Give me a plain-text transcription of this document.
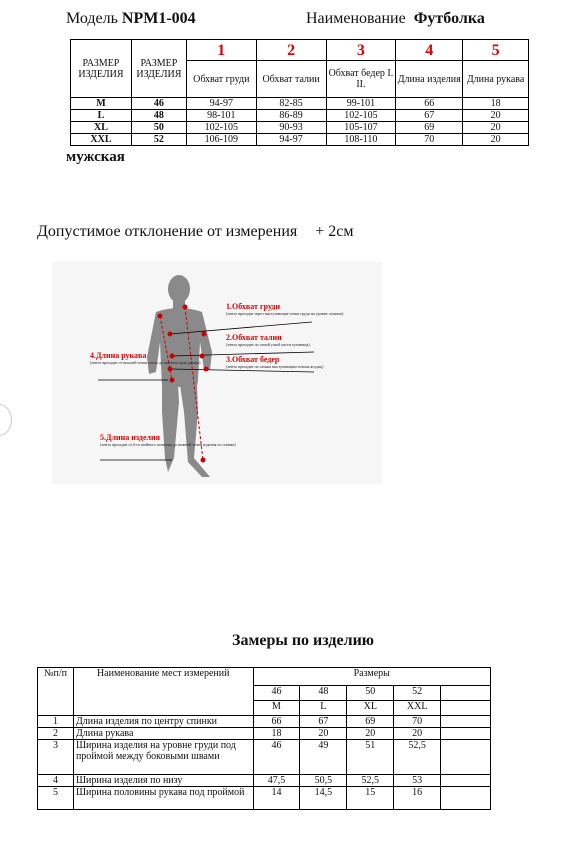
Модель NPM1-004	Наименование Футболка
РАЗМЕР ИЗДЕЛИЯ	РАЗМЕР ИЗДЕЛИЯ	1	2	3	4	5
		Обхват груди	Обхват талии	Обхват бедер I. II.	Длина изделия	Длина рукава
M	46	94-97	82-85	99-101	66	18
L	48	98-101	86-89	102-105	67	20
XL	50	102-105	90-93	105-107	69	20
XXL	52	106-109	94-97	108-110	70	20
мужская
Допустимое отклонение от измерения + 2см
1.Обхват груди
(лента проходит через выступающие точки груди на уровне лопаток)
2.Обхват талии
(лента проходит по самой узкой части туловища)
3.Обхват бедер
(лента проходит по самым выступающим точкам ягодиц)
4.Длина рукава
(лента проходит от высшей точки плеча до нижнего края рукава)
5.Длина изделия
(лента проходит от 6-го шейного позвонка до нижней точки изделия по спинке)
Замеры по изделию
№п/п	Наименование мест измерений	Размеры				
		46	48	50	52	
		M	L	XL	XXL	
1	Длина изделия по центру спинки	66	67	69	70	
2	Длина рукава	18	20	20	20	
3	Ширина изделия на уровне груди под проймой между боковыми швами	46	49	51	52,5	
4	Ширина изделия по низу	47,5	50,5	52,5	53	
5	Ширина половины рукава под проймой	14	14,5	15	16	
